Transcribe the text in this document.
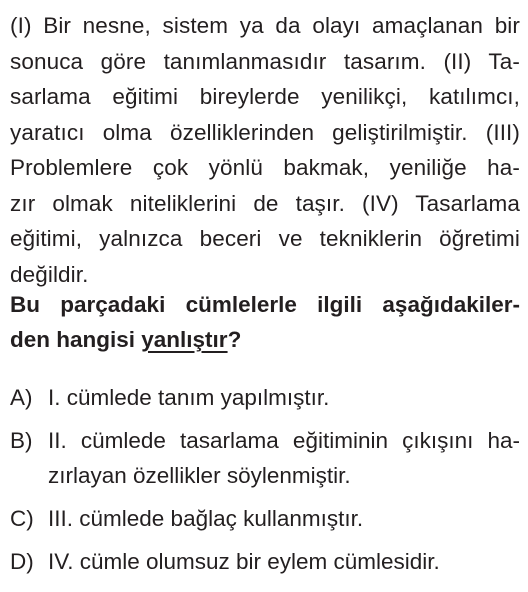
(I) Bir nesne, sistem ya da olayı amaçlanan bir
sonuca göre tanımlanmasıdır tasarım. (II) Ta-
sarlama eğitimi bireylerde yenilikçi, katılımcı,
yaratıcı olma özelliklerinden geliştirilmiştir. (III)
Problemlere çok yönlü bakmak, yeniliğe ha-
zır olmak niteliklerini de taşır. (IV) Tasarlama
eğitimi, yalnızca beceri ve tekniklerin öğretimi
değildir.
Bu parçadaki cümlelerle ilgili aşağıdakiler-
den hangisi yanlıştır?
A) I. cümlede tanım yapılmıştır.
B) II. cümlede tasarlama eğitiminin çıkışını ha-
zırlayan özellikler söylenmiştir.
C) III. cümlede bağlaç kullanmıştır.
D) IV. cümle olumsuz bir eylem cümlesidir.
